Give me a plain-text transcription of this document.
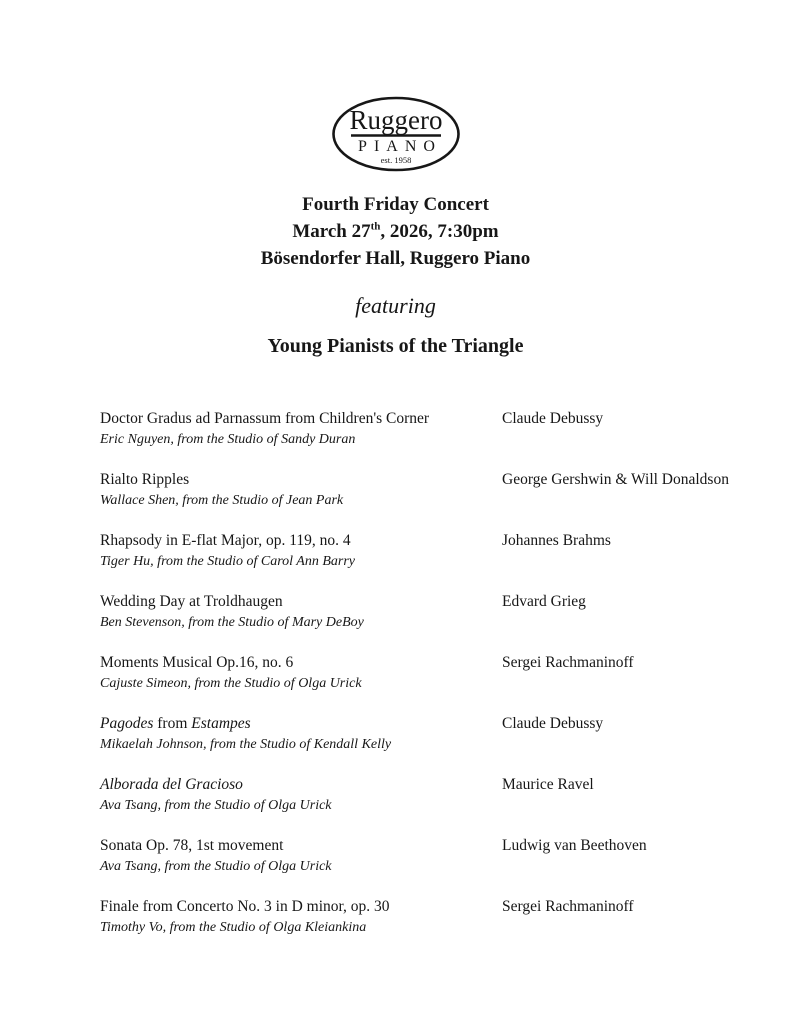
Ruggero
PIANO
est. 1958
Fourth Friday Concert
March 27th, 2026, 7:30pm
Bösendorfer Hall, Ruggero Piano
featuring
Young Pianists of the Triangle
Doctor Gradus ad Parnassum from Children's Corner
Eric Nguyen, from the Studio of Sandy Duran
Claude Debussy
Rialto Ripples
Wallace Shen, from the Studio of Jean Park
George Gershwin & Will Donaldson
Rhapsody in E-flat Major, op. 119, no. 4
Tiger Hu, from the Studio of Carol Ann Barry
Johannes Brahms
Wedding Day at Troldhaugen
Ben Stevenson, from the Studio of Mary DeBoy
Edvard Grieg
Moments Musical Op.16, no. 6
Cajuste Simeon, from the Studio of Olga Urick
Sergei Rachmaninoff
Pagodes from Estampes
Mikaelah Johnson, from the Studio of Kendall Kelly
Claude Debussy
Alborada del Gracioso
Ava Tsang, from the Studio of Olga Urick
Maurice Ravel
Sonata Op. 78, 1st movement
Ava Tsang, from the Studio of Olga Urick
Ludwig van Beethoven
Finale from Concerto No. 3 in D minor, op. 30
Timothy Vo, from the Studio of Olga Kleiankina
Sergei Rachmaninoff
